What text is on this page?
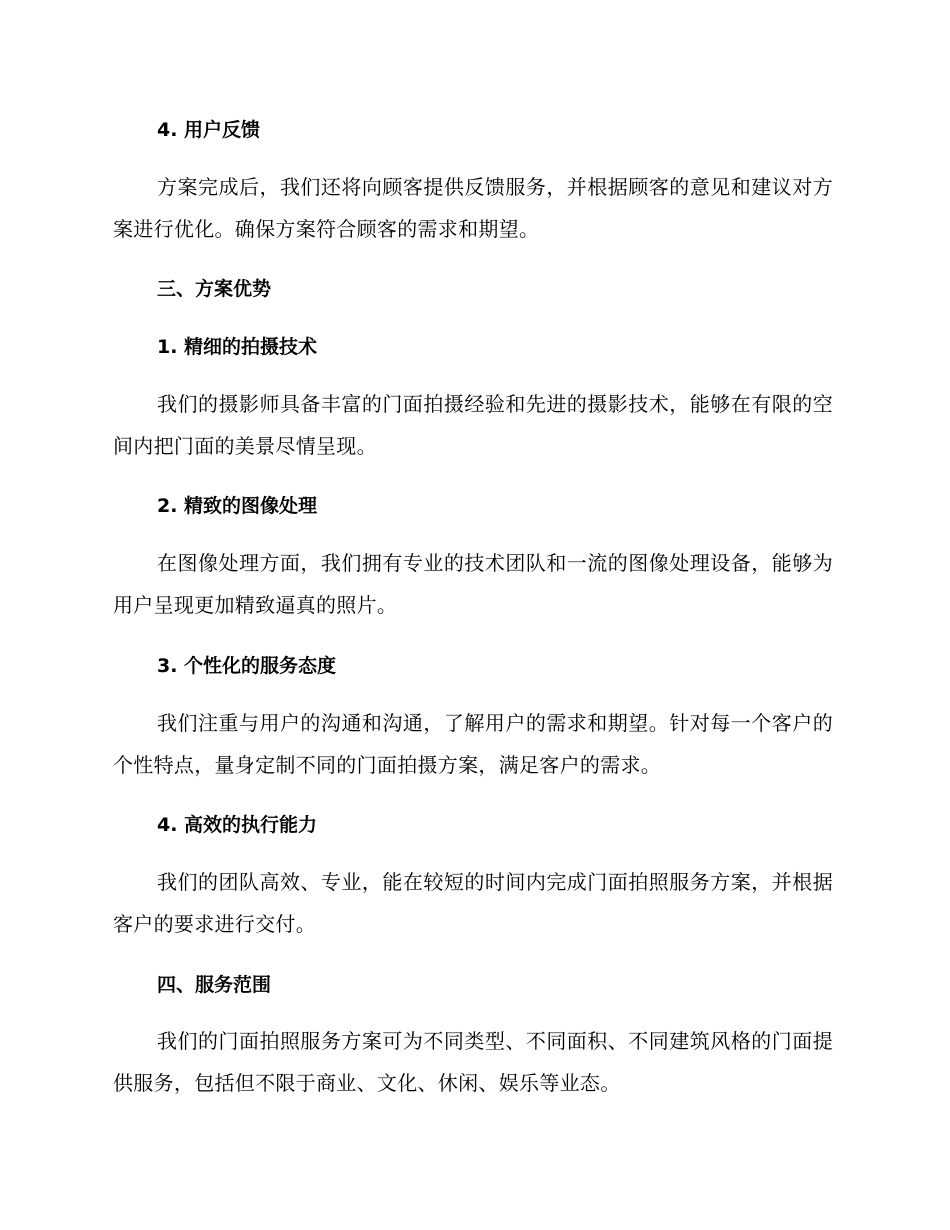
4. 用户反馈

方案完成后，我们还将向顾客提供反馈服务，并根据顾客的意见和建议对方案进行优化。确保方案符合顾客的需求和期望。

三、方案优势
1. 精细的拍摄技术

我们的摄影师具备丰富的门面拍摄经验和先进的摄影技术，能够在有限的空间内把门面的美景尽情呈现。

2. 精致的图像处理

在图像处理方面，我们拥有专业的技术团队和一流的图像处理设备，能够为用户呈现更加精致逼真的照片。

3. 个性化的服务态度

我们注重与用户的沟通和沟通，了解用户的需求和期望。针对每一个客户的个性特点，量身定制不同的门面拍摄方案，满足客户的需求。

4. 高效的执行能力

我们的团队高效、专业，能在较短的时间内完成门面拍照服务方案，并根据客户的要求进行交付。

四、服务范围

我们的门面拍照服务方案可为不同类型、不同面积、不同建筑风格的门面提供服务，包括但不限于商业、文化、休闲、娱乐等业态。
